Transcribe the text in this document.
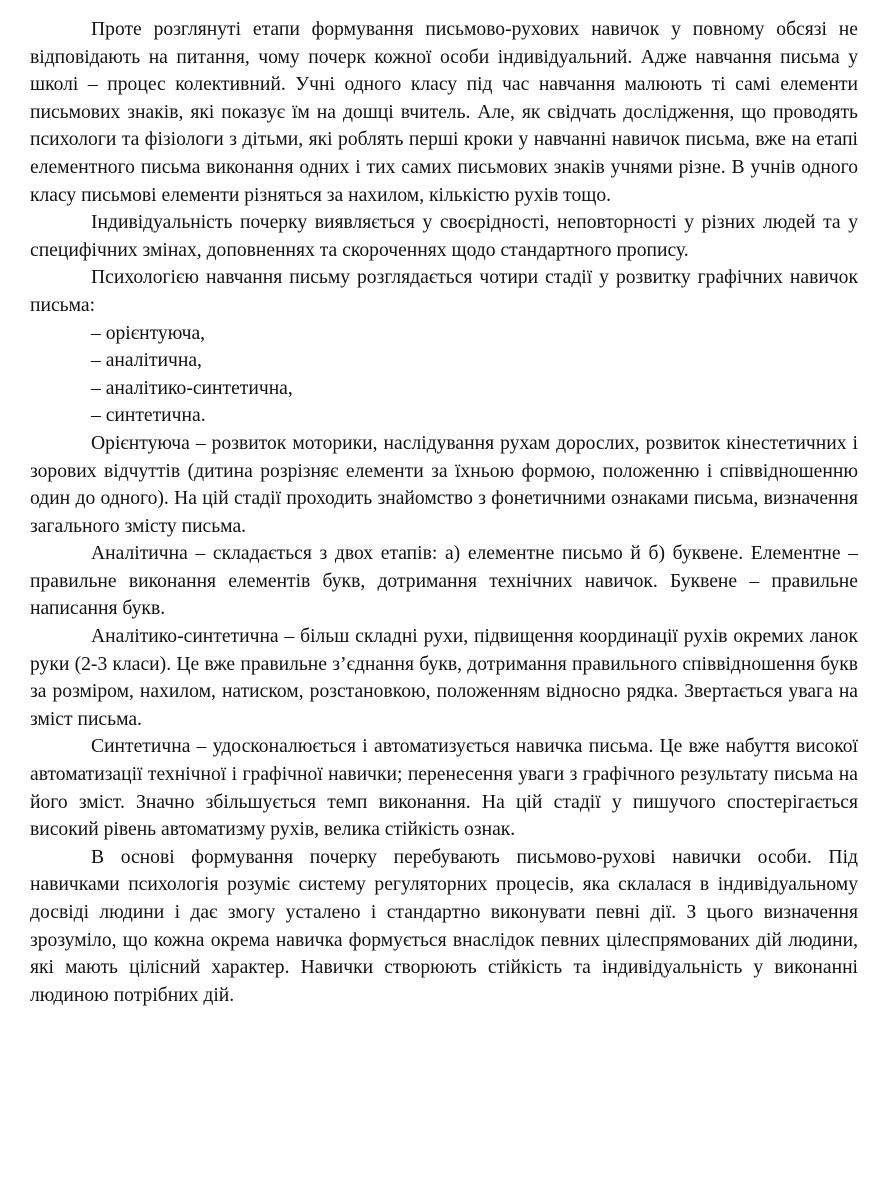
Проте розглянуті етапи формування письмово-рухових навичок у повному обсязі не відповідають на питання, чому почерк кожної особи індивідуальний. Адже навчання письма у школі – процес колективний. Учні одного класу під час навчання малюють ті самі елементи письмових знаків, які показує їм на дошці вчитель. Але, як свідчать дослідження, що проводять психологи та фізіологи з дітьми, які роблять перші кроки у навчанні навичок письма, вже на етапі елементного письма виконання одних і тих самих письмових знаків учнями різне. В учнів одного класу письмові елементи різняться за нахилом, кількістю рухів тощо.

Індивідуальність почерку виявляється у своєрідності, неповторності у різних людей та у специфічних змінах, доповненнях та скороченнях щодо стандартного пропису.

Психологією навчання письму розглядається чотири стадії у розвитку графічних навичок письма:

– орієнтуюча,
– аналітична,
– аналітико-синтетична,
– синтетична.

Орієнтуюча – розвиток моторики, наслідування рухам дорослих, розвиток кінестетичних і зорових відчуттів (дитина розрізняє елементи за їхньою формою, положенню і співвідношенню один до одного). На цій стадії проходить знайомство з фонетичними ознаками письма, визначення загального змісту письма.

Аналітична – складається з двох етапів: а) елементне письмо й б) буквене. Елементне – правильне виконання елементів букв, дотримання технічних навичок. Буквене – правильне написання букв.

Аналітико-синтетична – більш складні рухи, підвищення координації рухів окремих ланок руки (2-3 класи). Це вже правильне з’єднання букв, дотримання правильного співвідношення букв за розміром, нахилом, натиском, розстановкою, положенням відносно рядка. Звертається увага на зміст письма.

Синтетична – удосконалюється і автоматизується навичка письма. Це вже набуття високої автоматизації технічної і графічної навички; перенесення уваги з графічного результату письма на його зміст. Значно збільшується темп виконання. На цій стадії у пишучого спостерігається високий рівень автоматизму рухів, велика стійкість ознак.

В основі формування почерку перебувають письмово-рухові навички особи. Під навичками психологія розуміє систему регуляторних процесів, яка склалася в індивідуальному досвіді людини і дає змогу усталено і стандартно виконувати певні дії. З цього визначення зрозуміло, що кожна окрема навичка формується внаслідок певних цілеспрямованих дій людини, які мають цілісний характер. Навички створюють стійкість та індивідуальність у виконанні людиною потрібних дій.
